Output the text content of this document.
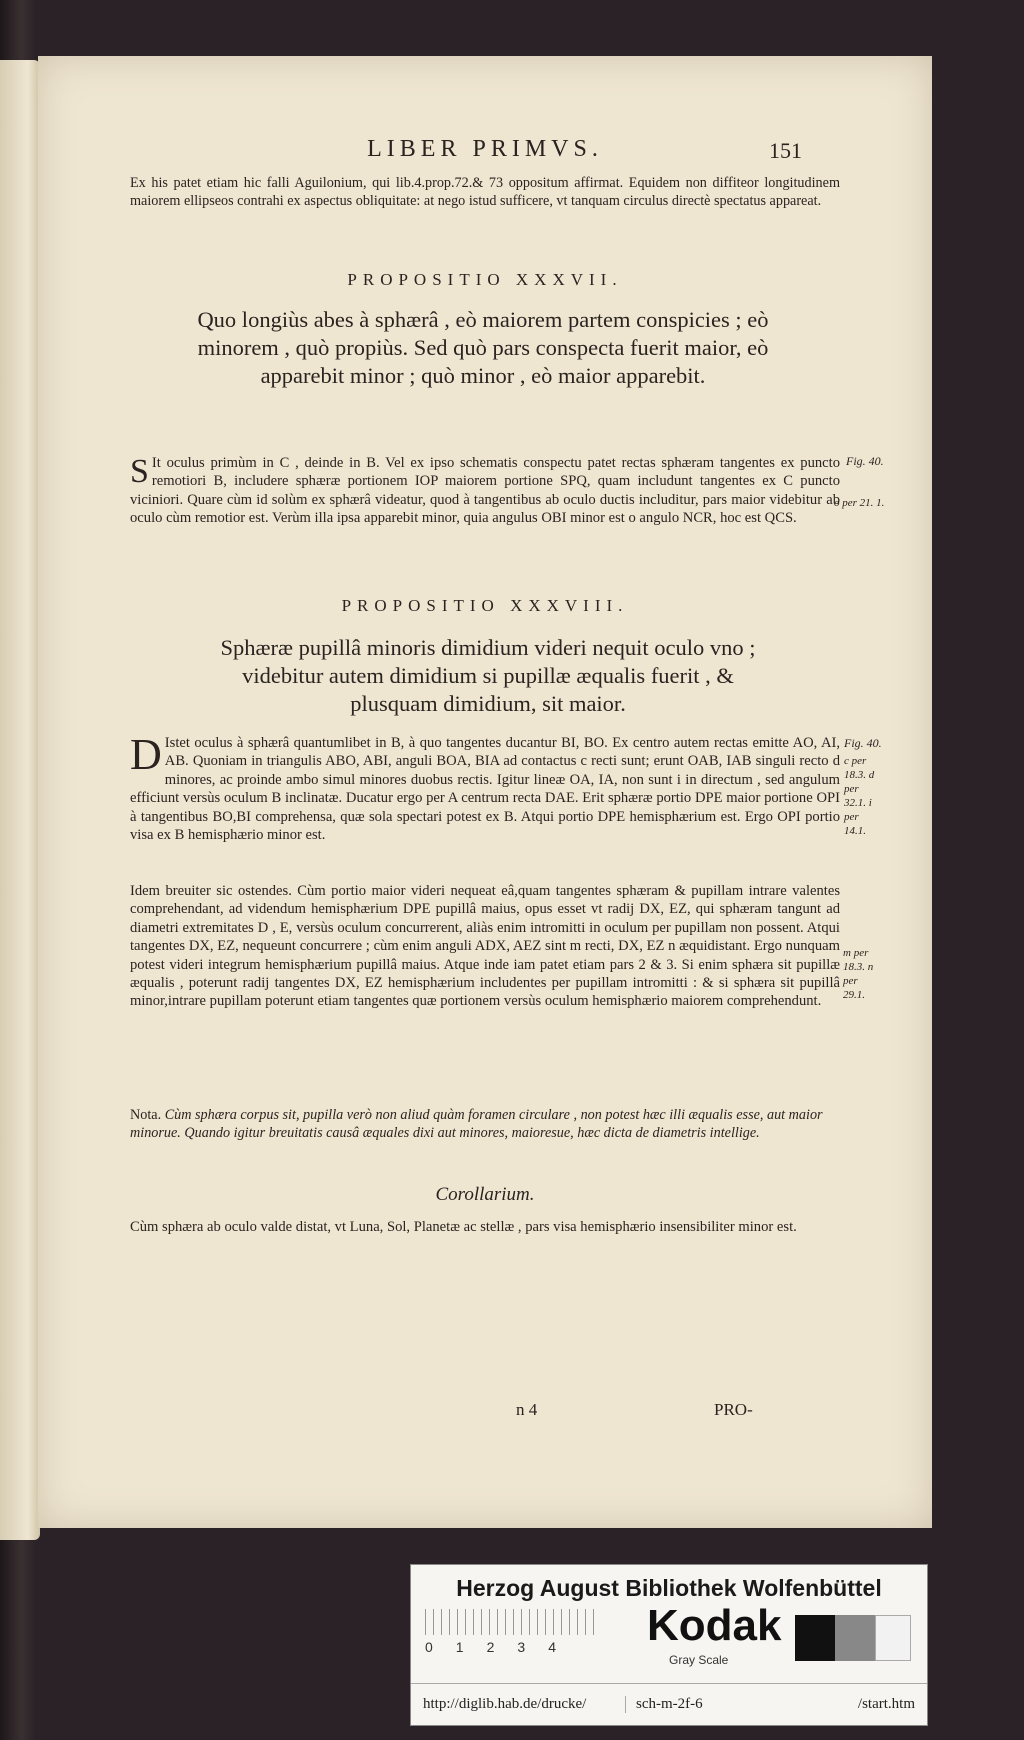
LIBER PRIMVS.	151
Ex his patet etiam hic falli Aguilonium, qui lib.4.prop.72.& 73 oppositum affirmat. Equidem non diffiteor longitudinem maiorem ellipseos contrahi ex aspectus obliquitate: at nego istud sufficere, vt tanquam circulus directè spectatus appareat.
PROPOSITIO XXXVII.
Quo longiùs abes à sphærâ , eò maiorem partem conspicies ; eò minorem , quò propiùs. Sed quò pars conspecta fuerit maior, eò apparebit minor ; quò minor , eò maior apparebit.
S It oculus primùm in C , deinde in B. Vel ex ipso schematis conspectu patet rectas sphæram tangentes ex puncto remotiori B, includere sphæræ portionem IOP maiorem portione SPQ, quam includunt tangentes ex C puncto viciniori. Quare cùm id solùm ex sphærâ videatur, quod à tangentibus ab oculo ductis includitur, pars maior videbitur ab oculo cùm remotior est. Verùm illa ipsa apparebit minor, quia angulus OBI minor est o angulo NCR, hoc est QCS.
Fig. 40.
o per 21. 1.
PROPOSITIO XXXVIII.
Sphæræ pupillâ minoris dimidium videri nequit oculo vno ; videbitur autem dimidium si pupillæ æqualis fuerit , & plusquam dimidium, sit maior.
D Istet oculus à sphærâ quantumlibet in B, à quo tangentes ducantur BI, BO. Ex centro autem rectas emitte AO, AI, AB. Quoniam in triangulis ABO, ABI, anguli BOA, BIA ad contactus c recti sunt; erunt OAB, IAB singuli recto d minores, ac proinde ambo simul minores duobus rectis. Igitur lineæ OA, IA, non sunt i in directum , sed angulum efficiunt versùs oculum B inclinatæ. Ducatur ergo per A centrum recta DAE. Erit sphæræ portio DPE maior portione OPI à tangentibus BO,BI comprehensa, quæ sola spectari potest ex B. Atqui portio DPE hemisphærium est. Ergo OPI portio visa ex B hemisphærio minor est.
Idem breuiter sic ostendes. Cùm portio maior videri nequeat eâ,quam tangentes sphæram & pupillam intrare valentes comprehendant, ad videndum hemisphærium DPE pupillâ maius, opus esset vt radij DX, EZ, qui sphæram tangunt ad diametri extremitates D , E, versùs oculum concurrerent, aliàs enim intromitti in oculum per pupillam non possent. Atqui tangentes DX, EZ, nequeunt concurrere ; cùm enim anguli ADX, AEZ sint m recti, DX, EZ n æquidistant. Ergo nunquam potest videri integrum hemisphærium pupillâ maius. Atque inde iam patet etiam pars 2 & 3. Si enim sphæra sit pupillæ æqualis , poterunt radij tangentes DX, EZ hemisphærium includentes per pupillam intromitti : & si sphæra sit pupillâ minor,intrare pupillam poterunt etiam tangentes quæ portionem versùs oculum hemisphærio maiorem comprehendunt.
Fig. 40.
c per 18.3. d per 32.1. i per 14.1.
m per 18.3. n per 29.1.
Nota. Cùm sphæra corpus sit, pupilla verò non aliud quàm foramen circulare , non potest hæc illi æqualis esse, aut maior minorue. Quando igitur breuitatis causâ æquales dixi aut minores, maioresue, hæc dicta de diametris intellige.
Corollarium.
Cùm sphæra ab oculo valde distat, vt Luna, Sol, Planetæ ac stellæ , pars visa hemisphærio insensibiliter minor est.
n 4	PRO-
Herzog August Bibliothek Wolfenbüttel
0 1 2 3 4 Kodak
Gray Scale
http://diglib.hab.de/drucke/	sch-m-2f-6	/start.htm
